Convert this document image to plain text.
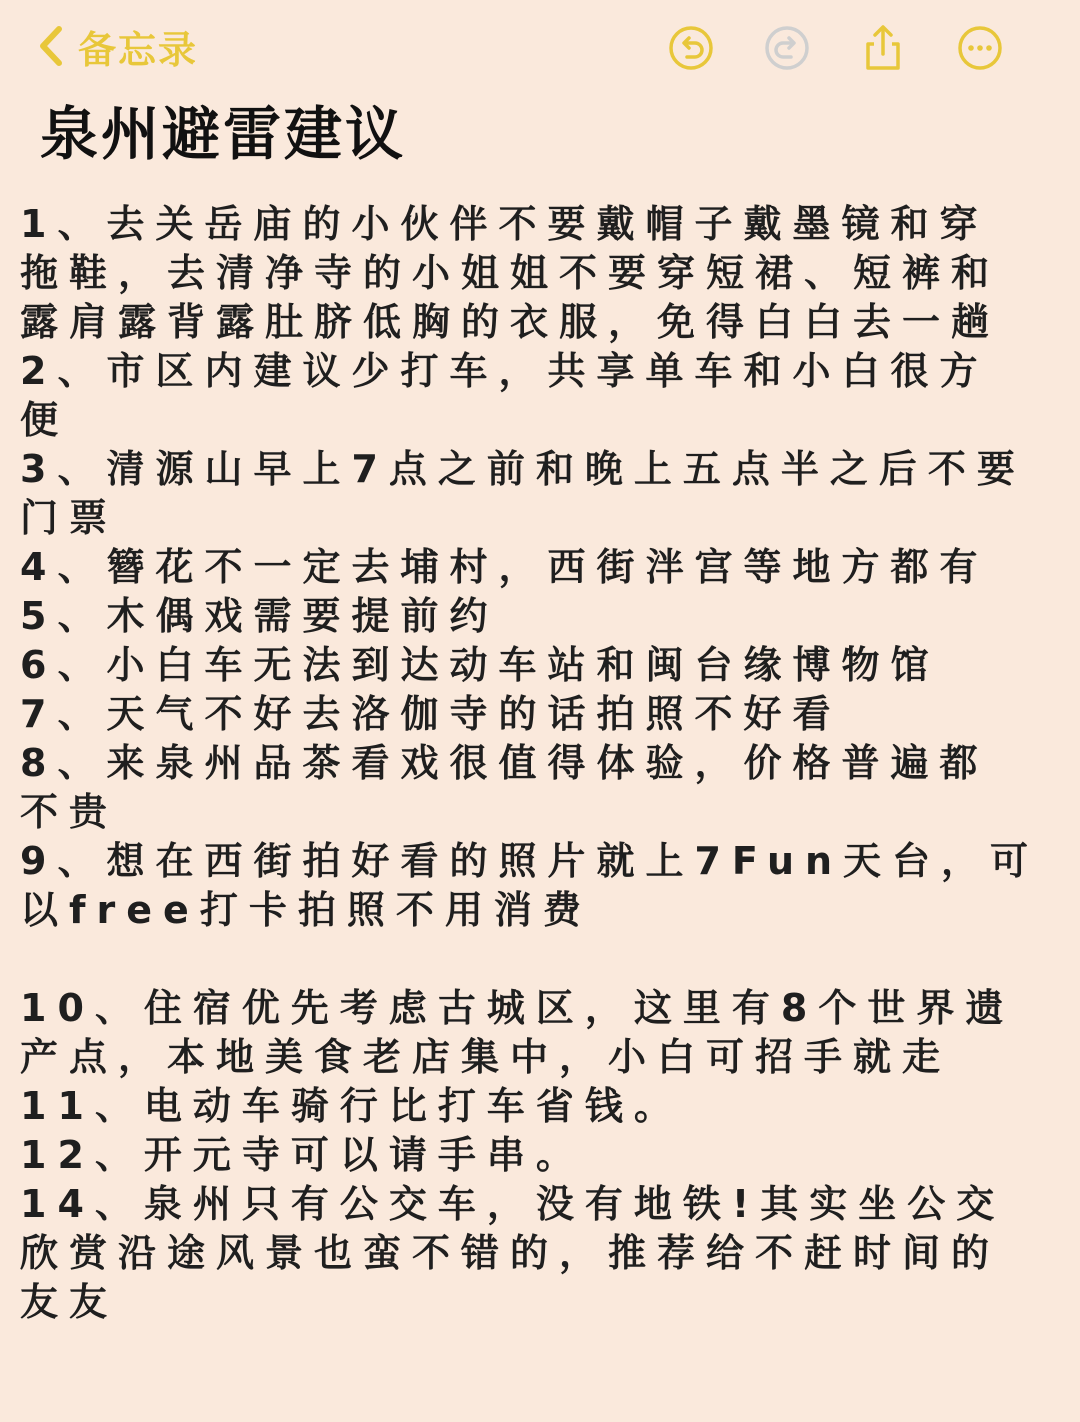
备忘录
泉州避雷建议
1、去关岳庙的小伙伴不要戴帽子戴墨镜和穿
拖鞋，去清净寺的小姐姐不要穿短裙、短裤和
露肩露背露肚脐低胸的衣服，免得白白去一趟
2、市区内建议少打车，共享单车和小白很方
便
3、清源山早上7点之前和晚上五点半之后不要
门票
4、簪花不一定去埔村，西街泮宫等地方都有
5、木偶戏需要提前约
6、小白车无法到达动车站和闽台缘博物馆
7、天气不好去洛伽寺的话拍照不好看
8、来泉州品茶看戏很值得体验，价格普遍都
不贵
9、想在西街拍好看的照片就上7Fun天台，可
以free打卡拍照不用消费
10、住宿优先考虑古城区，这里有8个世界遗
产点，本地美食老店集中，小白可招手就走
11、电动车骑行比打车省钱。
12、开元寺可以请手串。
14、泉州只有公交车，没有地铁!其实坐公交
欣赏沿途风景也蛮不错的，推荐给不赶时间的
友友
